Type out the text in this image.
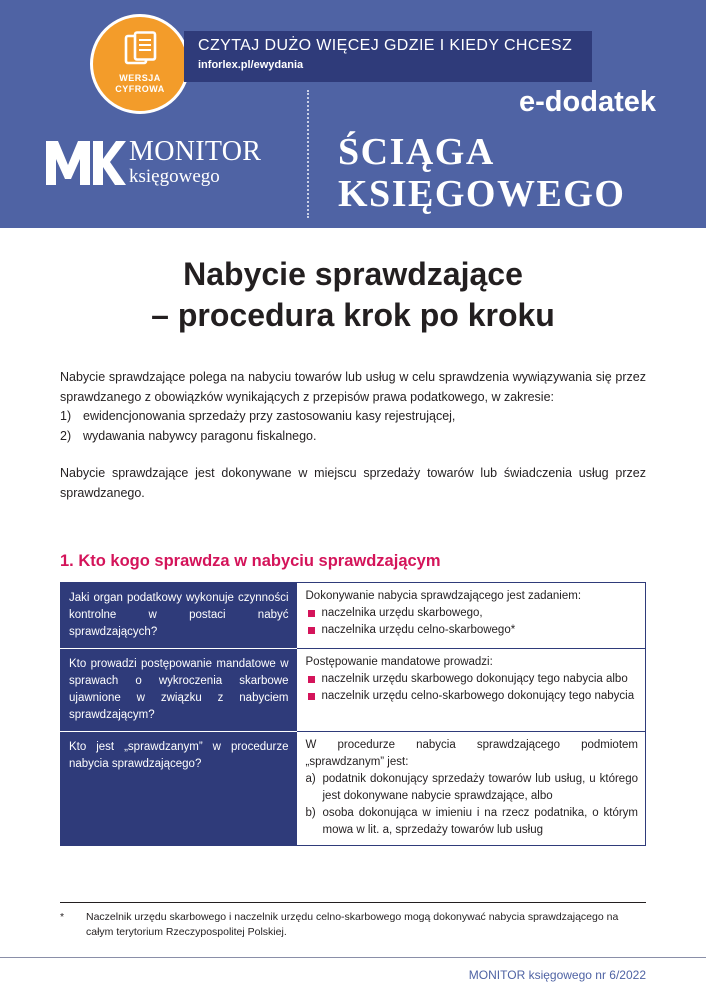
WERSJA
CYFROWA
CZYTAJ DUŻO WIĘCEJ GDZIE I KIEDY CHCESZ
inforlex.pl/ewydania
MONITOR
księgowego
e-dodatek
ŚCIĄGA
KSIĘGOWEGO
Nabycie sprawdzające
– procedura krok po kroku

Nabycie sprawdzające polega na nabyciu towarów lub usług w celu sprawdzenia wywiązywania się przez sprawdzanego z obowiązków wynikających z przepisów prawa podatkowego, w zakresie:

1) ewidencjonowania sprzedaży przy zastosowaniu kasy rejestrującej,
2) wydawania nabywcy paragonu fiskalnego.

Nabycie sprawdzające jest dokonywane w miejscu sprzedaży towarów lub świadczenia usług przez sprawdzanego.

1. Kto kogo sprawdza w nabyciu sprawdzającym
Jaki organ podatkowy wykonuje czynności kontrolne w postaci nabyć sprawdzających?	Dokonywanie nabycia sprawdzającego jest zadaniem:
naczelnika urzędu skarbowego,
naczelnika urzędu celno-skarbowego*

Kto prowadzi postępowanie mandatowe w sprawach o wykroczenia skarbowe ujawnione w związku z nabyciem sprawdzającym?	Postępowanie mandatowe prowadzi:
naczelnik urzędu skarbowego dokonujący tego nabycia albo
naczelnik urzędu celno-skarbowego dokonujący tego nabycia

Kto jest „sprawdzanym” w procedurze nabycia sprawdzającego?	W procedurze nabycia sprawdzającego podmiotem „sprawdzanym” jest:
a) podatnik dokonujący sprzedaży towarów lub usług, u którego jest dokonywane nabycie sprawdzające, albo
b) osoba dokonująca w imieniu i na rzecz podatnika, o którym mowa w lit. a, sprzedaży towarów lub usług
*	Naczelnik urzędu skarbowego i naczelnik urzędu celno-skarbowego mogą dokonywać nabycia sprawdzającego na całym terytorium Rzeczypospolitej Polskiej.
MONITOR księgowego nr 6/2022
